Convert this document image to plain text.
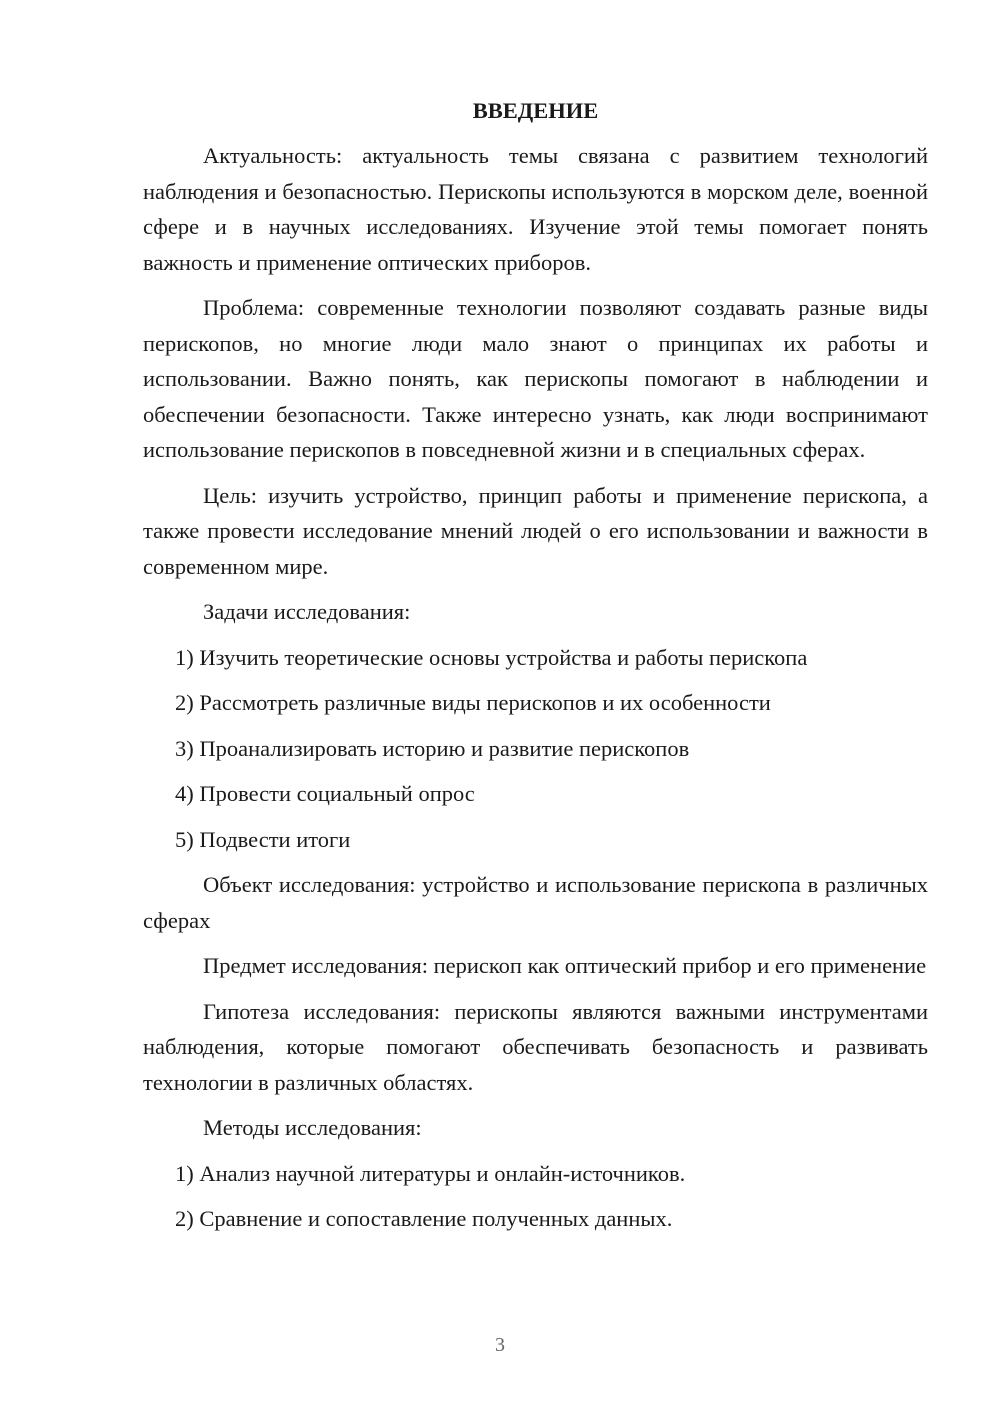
ВВЕДЕНИЕ

Актуальность: актуальность темы связана с развитием технологий наблюдения и безопасностью. Перископы используются в морском деле, военной сфере и в научных исследованиях. Изучение этой темы помогает понять важность и применение оптических приборов.

Проблема: современные технологии позволяют создавать разные виды перископов, но многие люди мало знают о принципах их работы и использовании. Важно понять, как перископы помогают в наблюдении и обеспечении безопасности. Также интересно узнать, как люди воспринимают использование перископов в повседневной жизни и в специальных сферах.

Цель: изучить устройство, принцип работы и применение перископа, а также провести исследование мнений людей о его использовании и важности в современном мире.

Задачи исследования:
1) Изучить теоретические основы устройства и работы перископа
2) Рассмотреть различные виды перископов и их особенности
3) Проанализировать историю и развитие перископов
4) Провести социальный опрос
5) Подвести итоги

Объект исследования: устройство и использование перископа в различных сферах

Предмет исследования: перископ как оптический прибор и его применение

Гипотеза исследования: перископы являются важными инструментами наблюдения, которые помогают обеспечивать безопасность и развивать технологии в различных областях.

Методы исследования:
1) Анализ научной литературы и онлайн-источников.
2) Сравнение и сопоставление полученных данных.
3
